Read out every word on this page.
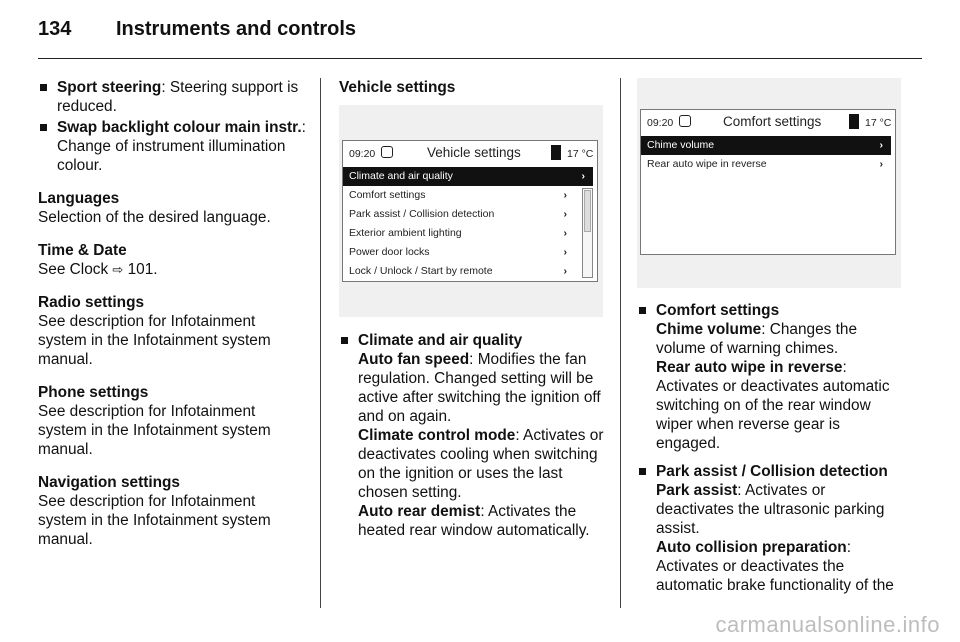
134 Instruments and controls

Sport steering: Steering support is reduced.

Swap backlight colour main instr.: Change of instrument illumination colour.

Languages

Selection of the desired language.

Time & Date

See Clock ⇨ 101.

Radio settings

See description for Infotainment system in the Infotainment system manual.

Phone settings

See description for Infotainment system in the Infotainment system manual.

Navigation settings

See description for Infotainment system in the Infotainment system manual.

Vehicle settings

09:20	Vehicle settings	17 °C
Climate and air quality	›
Comfort settings	›
Park assist / Collision detection	›
Exterior ambient lighting	›
Power door locks	›
Lock / Unlock / Start by remote	›

Climate and air quality

Auto fan speed: Modifies the fan regulation. Changed setting will be active after switching the ignition off and on again.

Climate control mode: Activates or deactivates cooling when switching on the ignition or uses the last chosen setting.

Auto rear demist: Activates the heated rear window automatically.

09:20	Comfort settings	17 °C
Chime volume	›
Rear auto wipe in reverse	›

Comfort settings

Chime volume: Changes the volume of warning chimes.

Rear auto wipe in reverse: Activates or deactivates automatic switching on of the rear window wiper when reverse gear is engaged.

Park assist / Collision detection

Park assist: Activates or deactivates the ultrasonic parking assist.

Auto collision preparation: Activates or deactivates the automatic brake functionality of the

carmanualsonline.info
